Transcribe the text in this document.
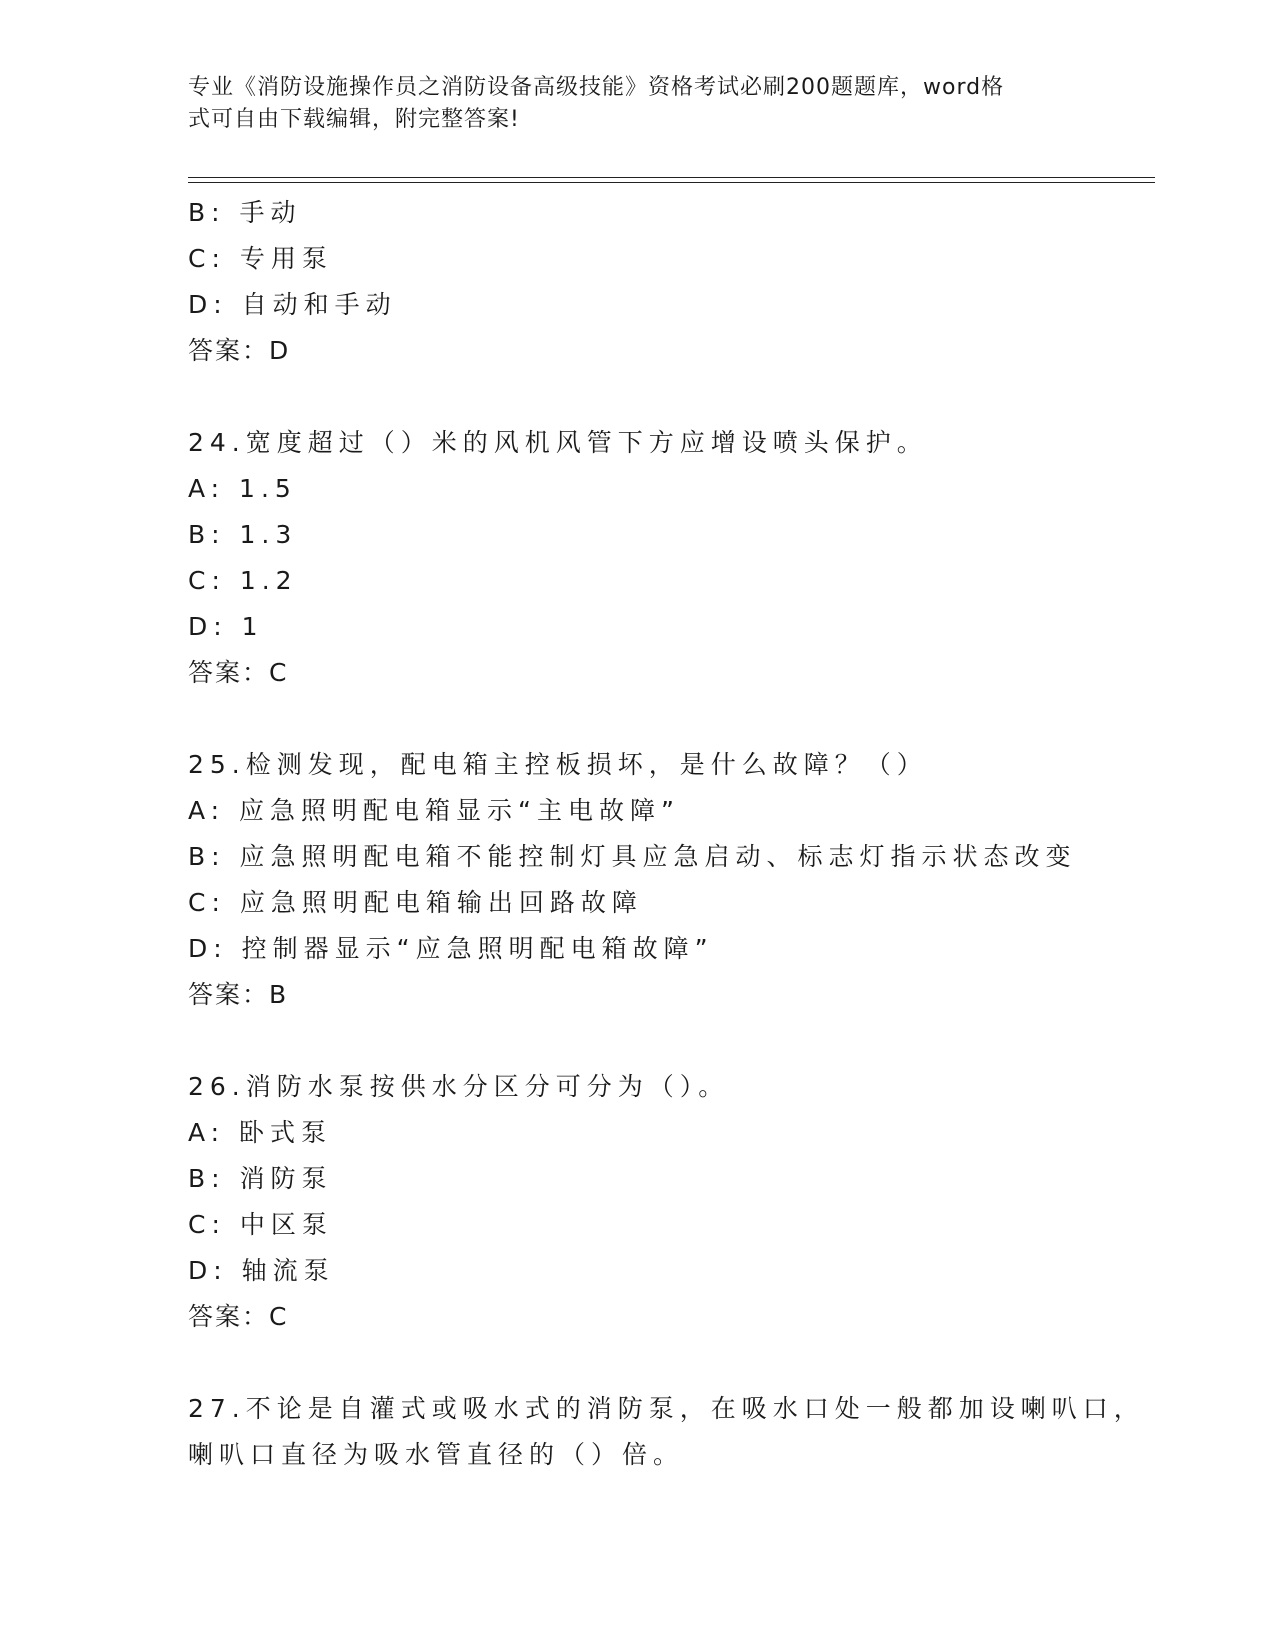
专业《消防设施操作员之消防设备高级技能》资格考试必刷200题题库，word格
式可自由下载编辑，附完整答案!
B: 手动
C: 专用泵
D: 自动和手动
答案：D
24.宽度超过（）米的风机风管下方应增设喷头保护。
A: 1.5
B: 1.3
C: 1.2
D: 1
答案：C
25.检测发现，配电箱主控板损坏，是什么故障？（）
A: 应急照明配电箱显示“主电故障”
B: 应急照明配电箱不能控制灯具应急启动、标志灯指示状态改变
C: 应急照明配电箱输出回路故障
D: 控制器显示“应急照明配电箱故障”
答案：B
26.消防水泵按供水分区分可分为（）。
A: 卧式泵
B: 消防泵
C: 中区泵
D: 轴流泵
答案：C
27.不论是自灌式或吸水式的消防泵，在吸水口处一般都加设喇叭口，
喇叭口直径为吸水管直径的（）倍。
